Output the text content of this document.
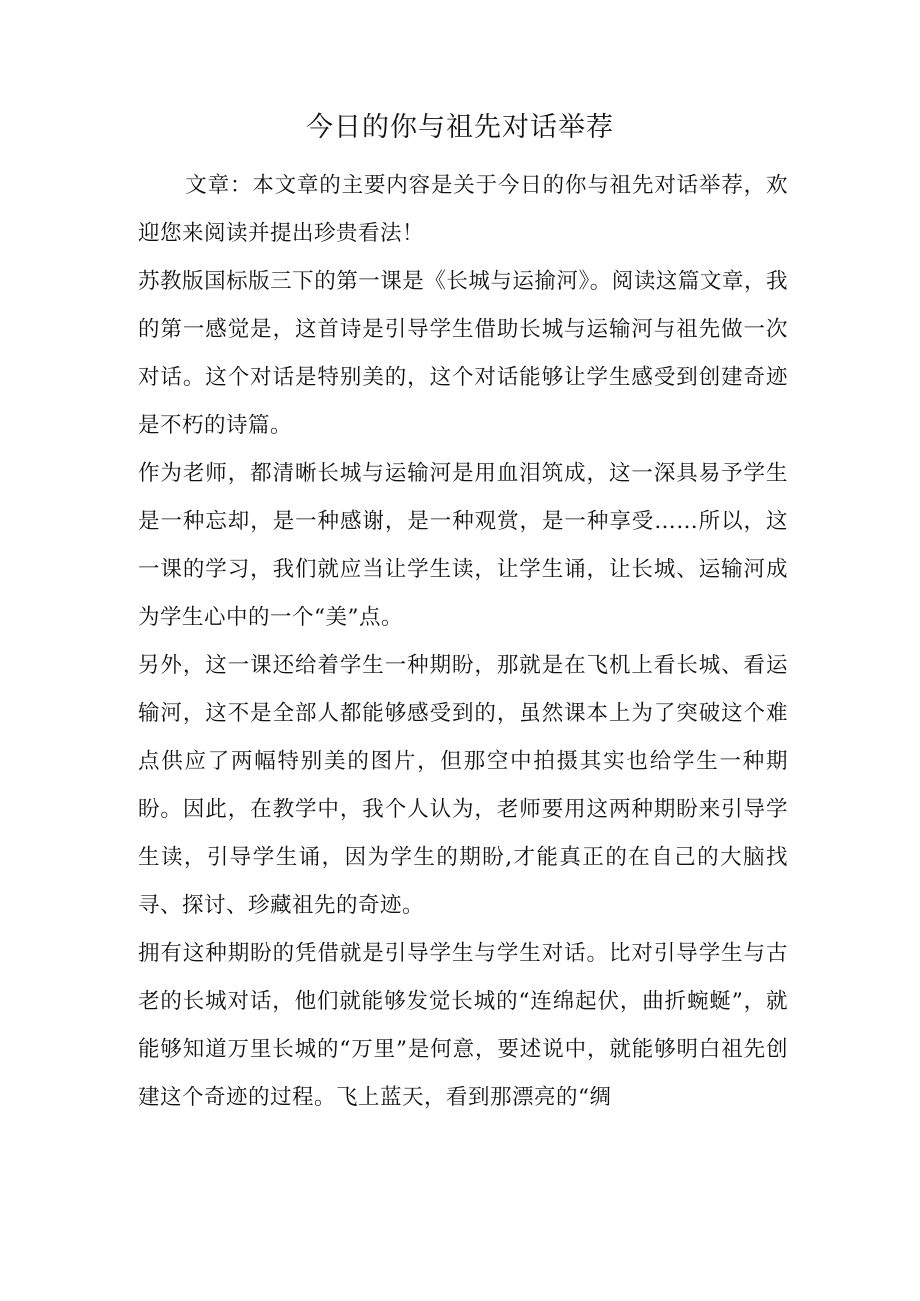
今日的你与祖先对话举荐

文章：本文章的主要内容是关于今日的你与祖先对话举荐，欢迎您来阅读并提出珍贵看法！

苏教版国标版三下的第一课是《长城与运揄河》。阅读这篇文章，我的第一感觉是，这首诗是引导学生借助长城与运输河与祖先做一次对话。这个对话是特别美的，这个对话能够让学生感受到创建奇迹是不朽的诗篇。

作为老师，都清晰长城与运输河是用血泪筑成，这一深具易予学生是一种忘却，是一种感谢，是一种观赏，是一种享受……所以，这一课的学习，我们就应当让学生读，让学生诵，让长城、运输河成为学生心中的一个“美”点。

另外，这一课还给着学生一种期盼，那就是在飞机上看长城、看运输河，这不是全部人都能够感受到的，虽然课本上为了突破这个难点供应了两幅特别美的图片，但那空中拍摄其实也给学生一种期盼。因此，在教学中，我个人认为，老师要用这两种期盼来引导学生读，引导学生诵，因为学生的期盼,才能真正的在自己的大脑找寻、探讨、珍藏祖先的奇迹。

拥有这种期盼的凭借就是引导学生与学生对话。比对引导学生与古老的长城对话，他们就能够发觉长城的“连绵起伏，曲折蜿蜒”，就能够知道万里长城的“万里”是何意，要述说中，就能够明白祖先创建这个奇迹的过程。飞上蓝天，看到那漂亮的“绸
